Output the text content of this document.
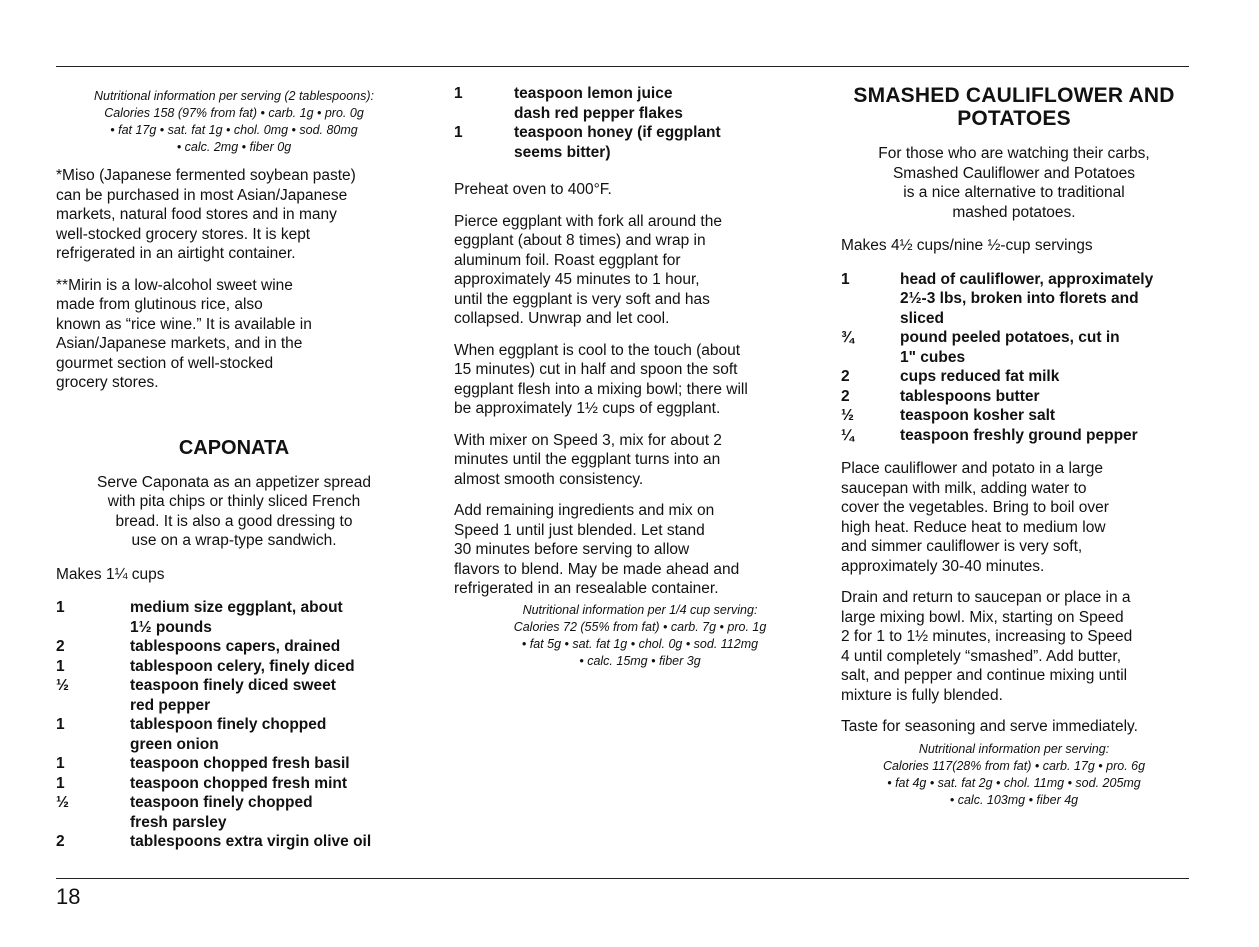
Nutritional information per serving (2 tablespoons):
Calories 158 (97% from fat) • carb. 1g • pro. 0g
• fat 17g • sat. fat 1g • chol. 0mg • sod. 80mg
• calc. 2mg • fiber 0g

*Miso (Japanese fermented soybean paste)
can be purchased in most Asian/Japanese
markets, natural food stores and in many
well-stocked grocery stores. It is kept
refrigerated in an airtight container.

**Mirin is a low-alcohol sweet wine
made from glutinous rice, also
known as “rice wine.” It is available in
Asian/Japanese markets, and in the
gourmet section of well-stocked
grocery stores.

CAPONATA

Serve Caponata as an appetizer spread
with pita chips or thinly sliced French
bread. It is also a good dressing to
use on a wrap-type sandwich.

Makes 1¼ cups

1	medium size eggplant, about
1½ pounds
2	tablespoons capers, drained
1	tablespoon celery, finely diced
½	teaspoon finely diced sweet
red pepper
1	tablespoon finely chopped
green onion
1	teaspoon chopped fresh basil
1	teaspoon chopped fresh mint
½	teaspoon finely chopped
fresh parsley
2	tablespoons extra virgin olive oil
1	teaspoon lemon juice
dash red pepper flakes
1	teaspoon honey (if eggplant
seems bitter)

Preheat oven to 400°F.

Pierce eggplant with fork all around the
eggplant (about 8 times) and wrap in
aluminum foil. Roast eggplant for
approximately 45 minutes to 1 hour,
until the eggplant is very soft and has
collapsed. Unwrap and let cool.

When eggplant is cool to the touch (about
15 minutes) cut in half and spoon the soft
eggplant flesh into a mixing bowl; there will
be approximately 1½ cups of eggplant.

With mixer on Speed 3, mix for about 2
minutes until the eggplant turns into an
almost smooth consistency.

Add remaining ingredients and mix on
Speed 1 until just blended. Let stand
30 minutes before serving to allow
flavors to blend. May be made ahead and
refrigerated in an resealable container.

Nutritional information per 1/4 cup serving:
Calories 72 (55% from fat) • carb. 7g • pro. 1g
• fat 5g • sat. fat 1g • chol. 0g • sod. 112mg
• calc. 15mg • fiber 3g
SMASHED CAULIFLOWER AND
POTATOES

For those who are watching their carbs,
Smashed Cauliflower and Potatoes
is a nice alternative to traditional
mashed potatoes.

Makes 4½ cups/nine ½-cup servings

1	head of cauliflower, approximately
2½-3 lbs, broken into florets and
sliced
¾	pound peeled potatoes, cut in
1" cubes
2	cups reduced fat milk
2	tablespoons butter
½	teaspoon kosher salt
¼	teaspoon freshly ground pepper

Place cauliflower and potato in a large
saucepan with milk, adding water to
cover the vegetables. Bring to boil over
high heat. Reduce heat to medium low
and simmer cauliflower is very soft,
approximately 30-40 minutes.

Drain and return to saucepan or place in a
large mixing bowl. Mix, starting on Speed
2 for 1 to 1½ minutes, increasing to Speed
4 until completely “smashed”. Add butter,
salt, and pepper and continue mixing until
mixture is fully blended.

Taste for seasoning and serve immediately.

Nutritional information per serving:
Calories 117(28% from fat) • carb. 17g • pro. 6g
• fat 4g • sat. fat 2g • chol. 11mg • sod. 205mg
• calc. 103mg • fiber 4g
18
